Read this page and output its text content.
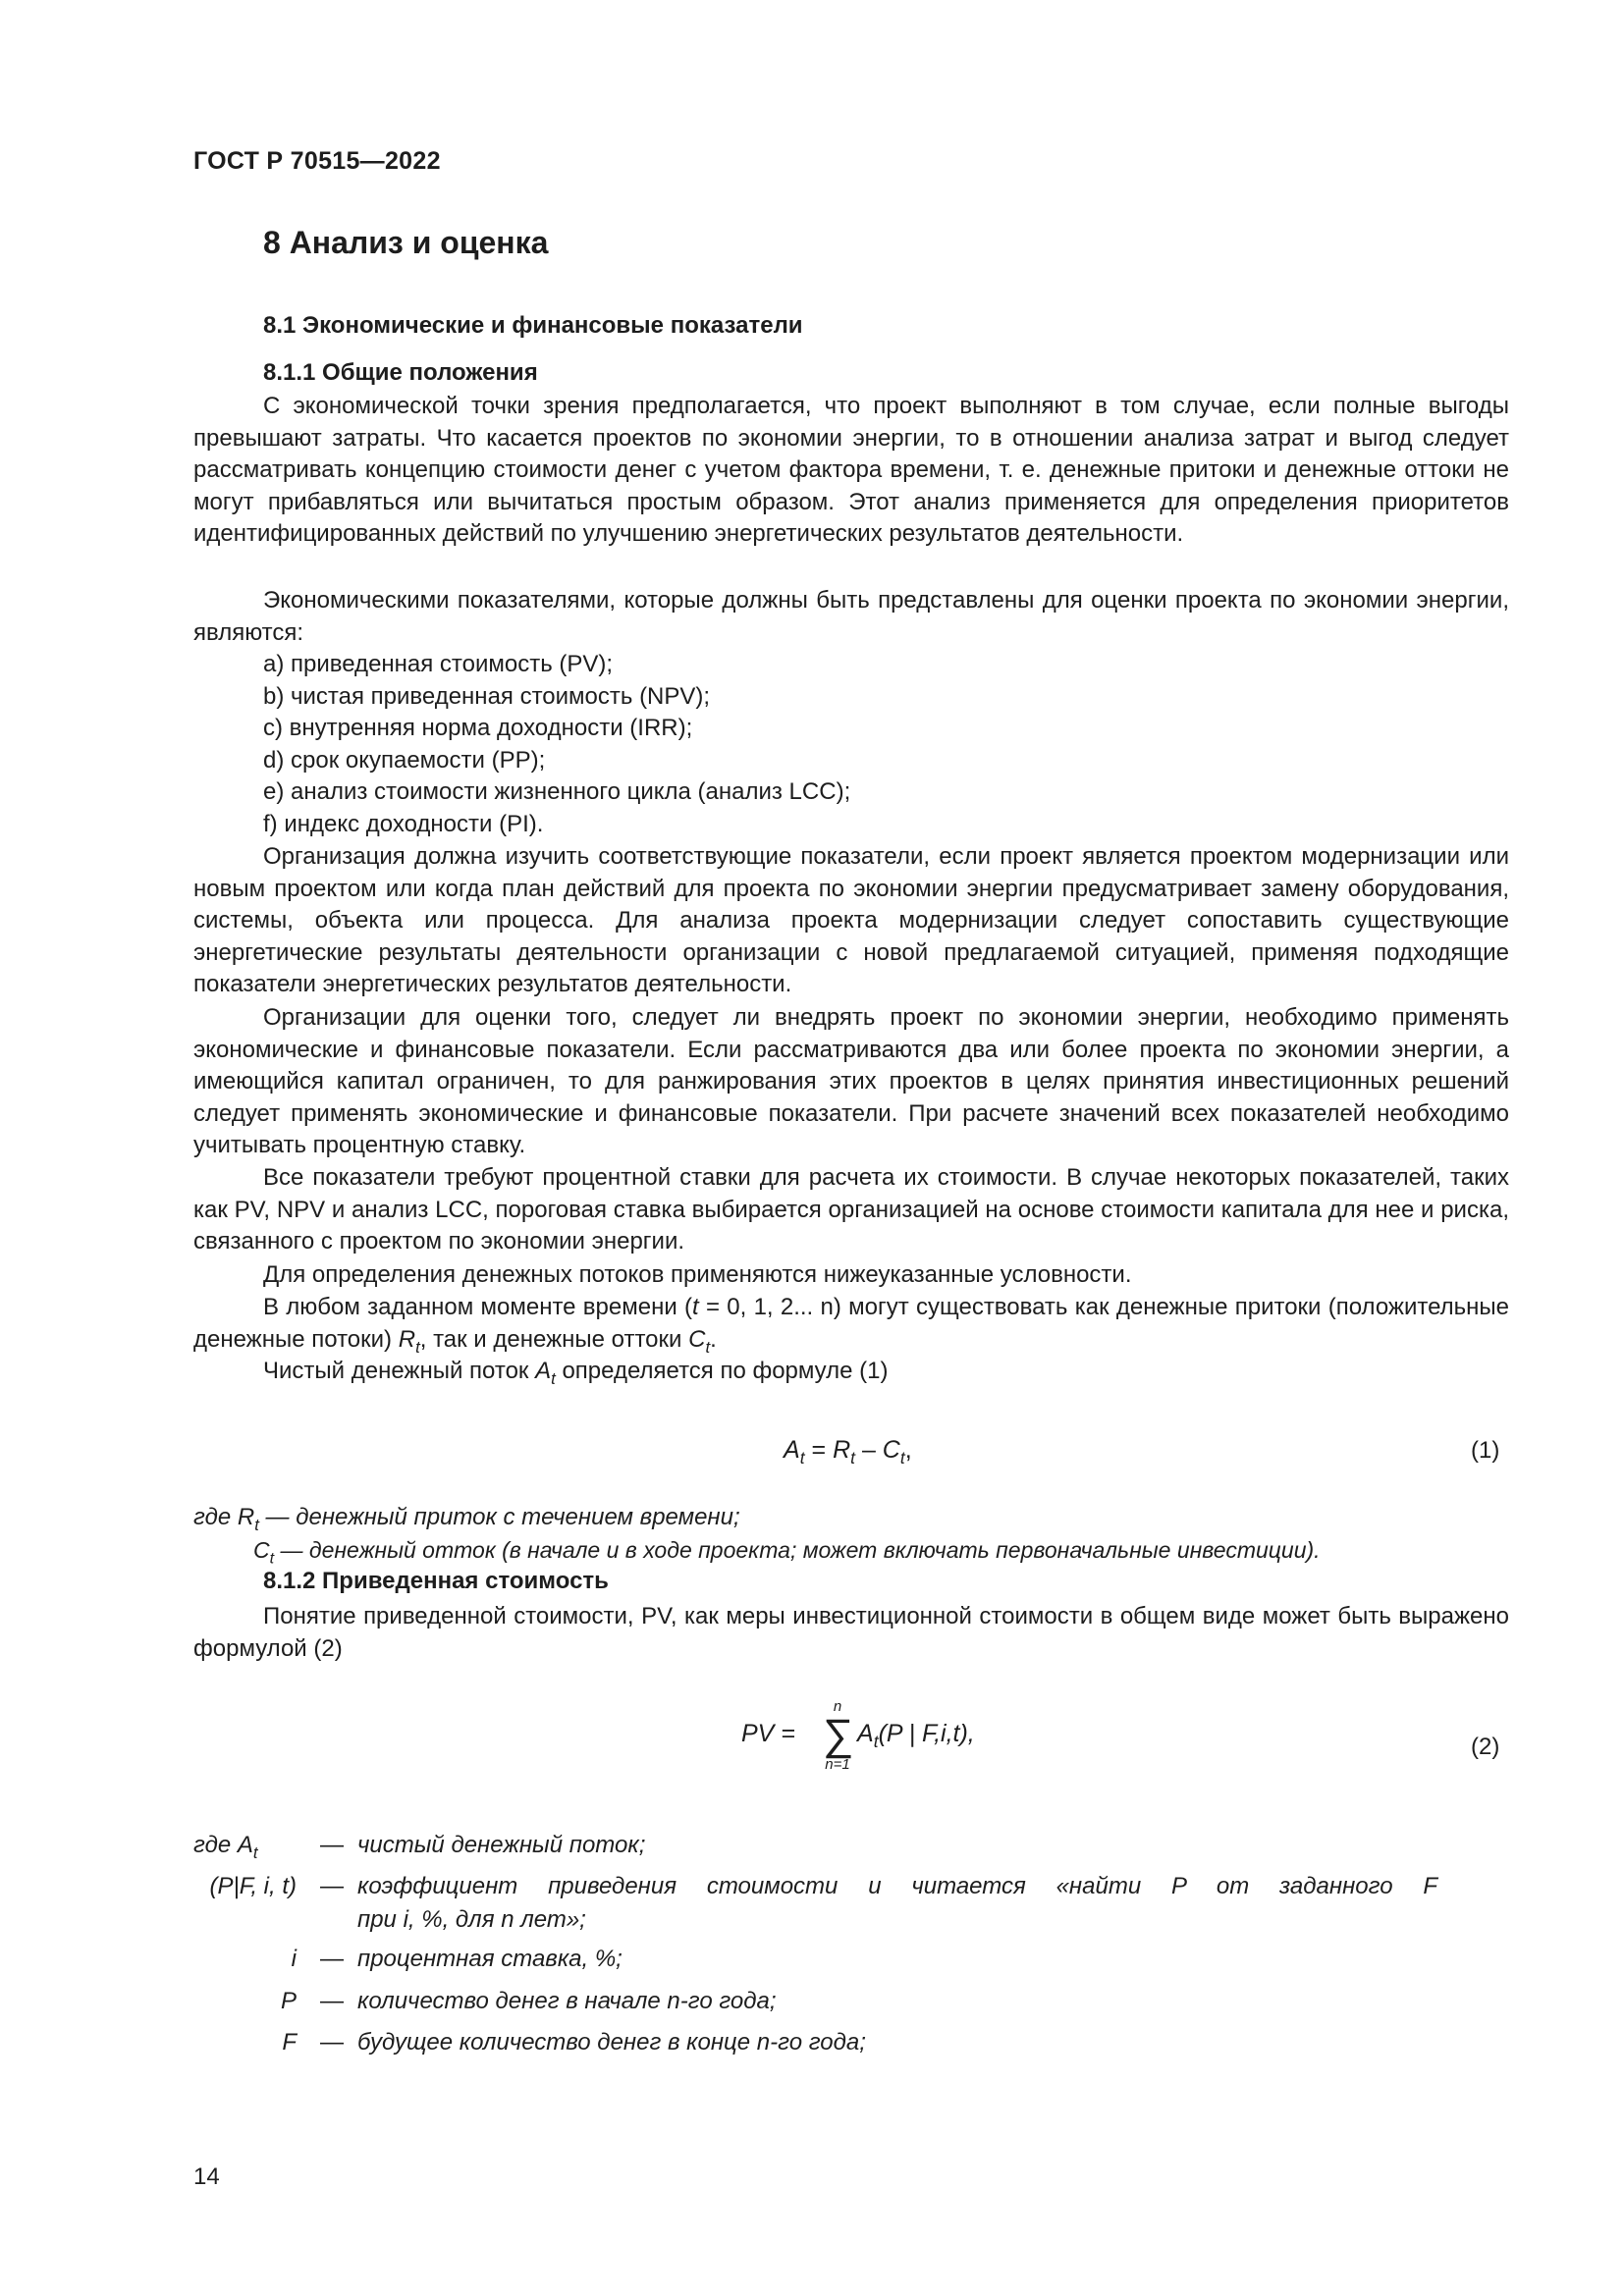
ГОСТ Р 70515—2022
8 Анализ и оценка
8.1 Экономические и финансовые показатели
8.1.1 Общие положения
С экономической точки зрения предполагается, что проект выполняют в том случае, если полные выгоды превышают затраты. Что касается проектов по экономии энергии, то в отношении анализа затрат и выгод следует рассматривать концепцию стоимости денег с учетом фактора времени, т. е. денежные притоки и денежные оттоки не могут прибавляться или вычитаться простым образом. Этот анализ применяется для определения приоритетов идентифицированных действий по улучшению энергетических результатов деятельности.
Экономическими показателями, которые должны быть представлены для оценки проекта по экономии энергии, являются:
a) приведенная стоимость (PV);
b) чистая приведенная стоимость (NPV);
c) внутренняя норма доходности (IRR);
d) срок окупаемости (PP);
e) анализ стоимости жизненного цикла (анализ LCC);
f) индекс доходности (PI).
Организация должна изучить соответствующие показатели, если проект является проектом модернизации или новым проектом или когда план действий для проекта по экономии энергии предусматривает замену оборудования, системы, объекта или процесса. Для анализа проекта модернизации следует сопоставить существующие энергетические результаты деятельности организации с новой предлагаемой ситуацией, применяя подходящие показатели энергетических результатов деятельности.
Организации для оценки того, следует ли внедрять проект по экономии энергии, необходимо применять экономические и финансовые показатели. Если рассматриваются два или более проекта по экономии энергии, а имеющийся капитал ограничен, то для ранжирования этих проектов в целях принятия инвестиционных решений следует применять экономические и финансовые показатели. При расчете значений всех показателей необходимо учитывать процентную ставку.
Все показатели требуют процентной ставки для расчета их стоимости. В случае некоторых показателей, таких как PV, NPV и анализ LCC, пороговая ставка выбирается организацией на основе стоимости капитала для нее и риска, связанного с проектом по экономии энергии.
Для определения денежных потоков применяются нижеуказанные условности.
В любом заданном моменте времени (t = 0, 1, 2... n) могут существовать как денежные притоки (положительные денежные потоки) $R_t$, так и денежные оттоки $C_t$.
Чистый денежный поток $A_t$ определяется по формуле (1)
$A_t = R_t - C_t$,	(1)
где $R_t$ — денежный приток с течением времени;
$C_t$ — денежный отток (в начале и в ходе проекта; может включать первоначальные инвестиции).
8.1.2 Приведенная стоимость
Понятие приведенной стоимости, PV, как меры инвестиционной стоимости в общем виде может быть выражено формулой (2)
PV =
n
∑
n=1
$A_t(P$ | F,i,t),	(2)
где $A_t$	— чистый денежный поток;
(P|F, i, t) — коэффициент приведения стоимости и читается «найти P от заданного F
при i, %, для n лет»;
i — процентная ставка, %;
P — количество денег в начале n-го года;
F — будущее количество денег в конце n-го года;
14
